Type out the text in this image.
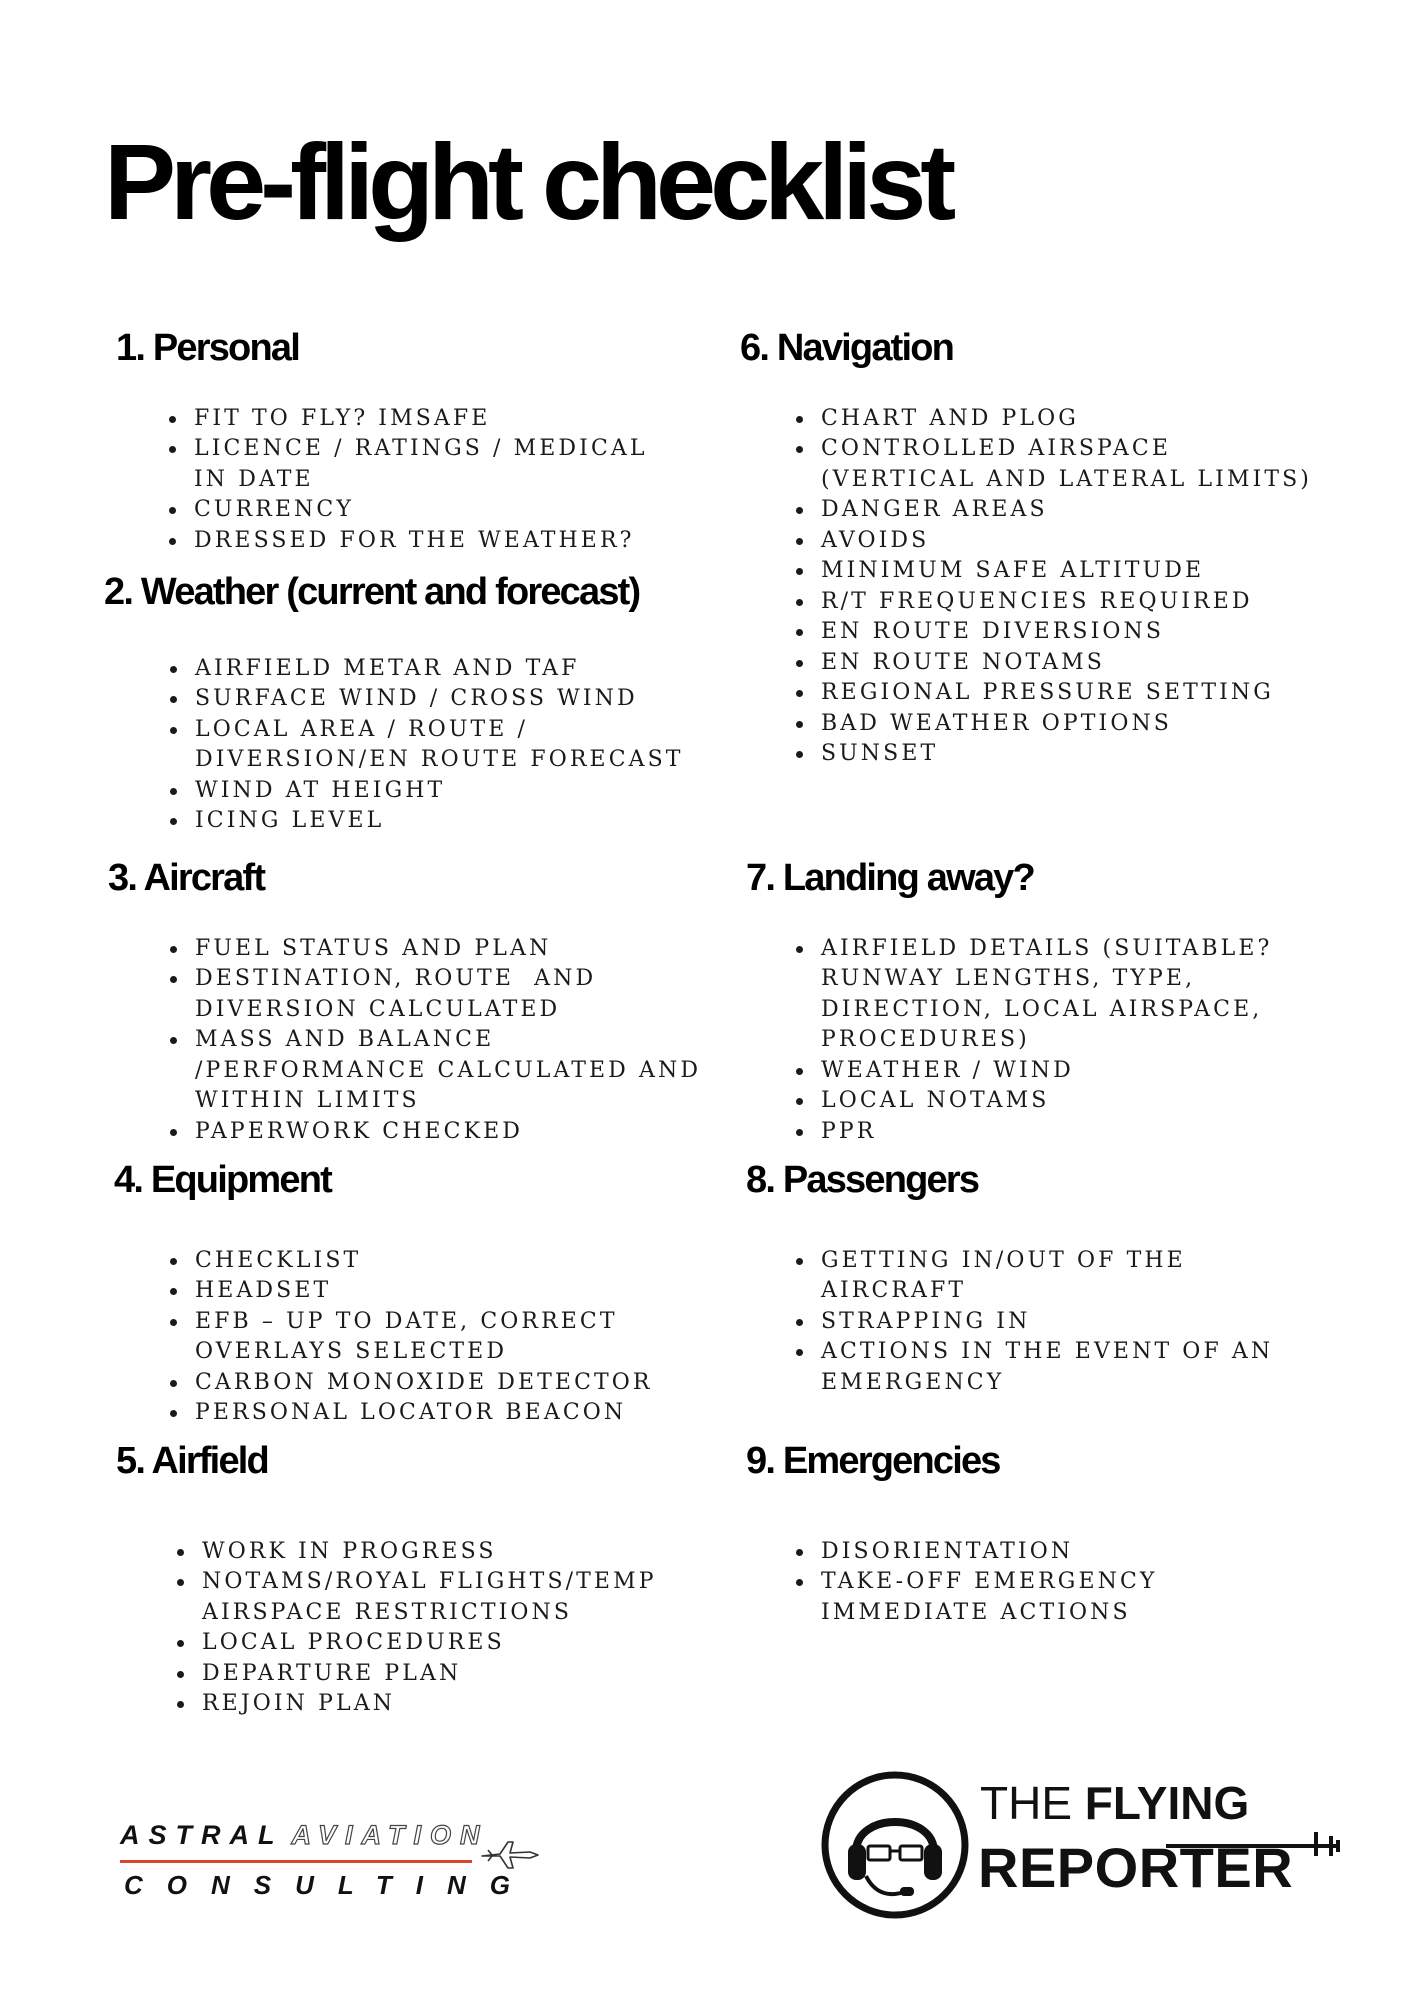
Pre-flight checklist
1. Personal
FIT TO FLY? IMSAFE
LICENCE / RATINGS / MEDICAL
IN DATE
CURRENCY
DRESSED FOR THE WEATHER?
2. Weather (current and forecast)
AIRFIELD METAR AND TAF
SURFACE WIND / CROSS WIND
LOCAL AREA / ROUTE /
DIVERSION/EN ROUTE FORECAST
WIND AT HEIGHT
ICING LEVEL
3. Aircraft
FUEL STATUS AND PLAN
DESTINATION, ROUTE  AND
DIVERSION CALCULATED
MASS AND BALANCE
/PERFORMANCE CALCULATED AND
WITHIN LIMITS
PAPERWORK CHECKED
4. Equipment
CHECKLIST
HEADSET
EFB – UP TO DATE, CORRECT
OVERLAYS SELECTED
CARBON MONOXIDE DETECTOR
PERSONAL LOCATOR BEACON
5. Airfield
WORK IN PROGRESS
NOTAMS/ROYAL FLIGHTS/TEMP
AIRSPACE RESTRICTIONS
LOCAL PROCEDURES
DEPARTURE PLAN
REJOIN PLAN
6. Navigation
CHART AND PLOG
CONTROLLED AIRSPACE
(VERTICAL AND LATERAL LIMITS)
DANGER AREAS
AVOIDS
MINIMUM SAFE ALTITUDE
R/T FREQUENCIES REQUIRED
EN ROUTE DIVERSIONS
EN ROUTE NOTAMS
REGIONAL PRESSURE SETTING
BAD WEATHER OPTIONS
SUNSET
7. Landing away?
AIRFIELD DETAILS (SUITABLE?
RUNWAY LENGTHS, TYPE,
DIRECTION, LOCAL AIRSPACE,
PROCEDURES)
WEATHER / WIND
LOCAL NOTAMS
PPR
8. Passengers
GETTING IN/OUT OF THE
AIRCRAFT
STRAPPING IN
ACTIONS IN THE EVENT OF AN
EMERGENCY
9. Emergencies
DISORIENTATION
TAKE-OFF EMERGENCY
IMMEDIATE ACTIONS
ASTRAL AVIATION
CONSULTING
THE FLYING
REPORTER
